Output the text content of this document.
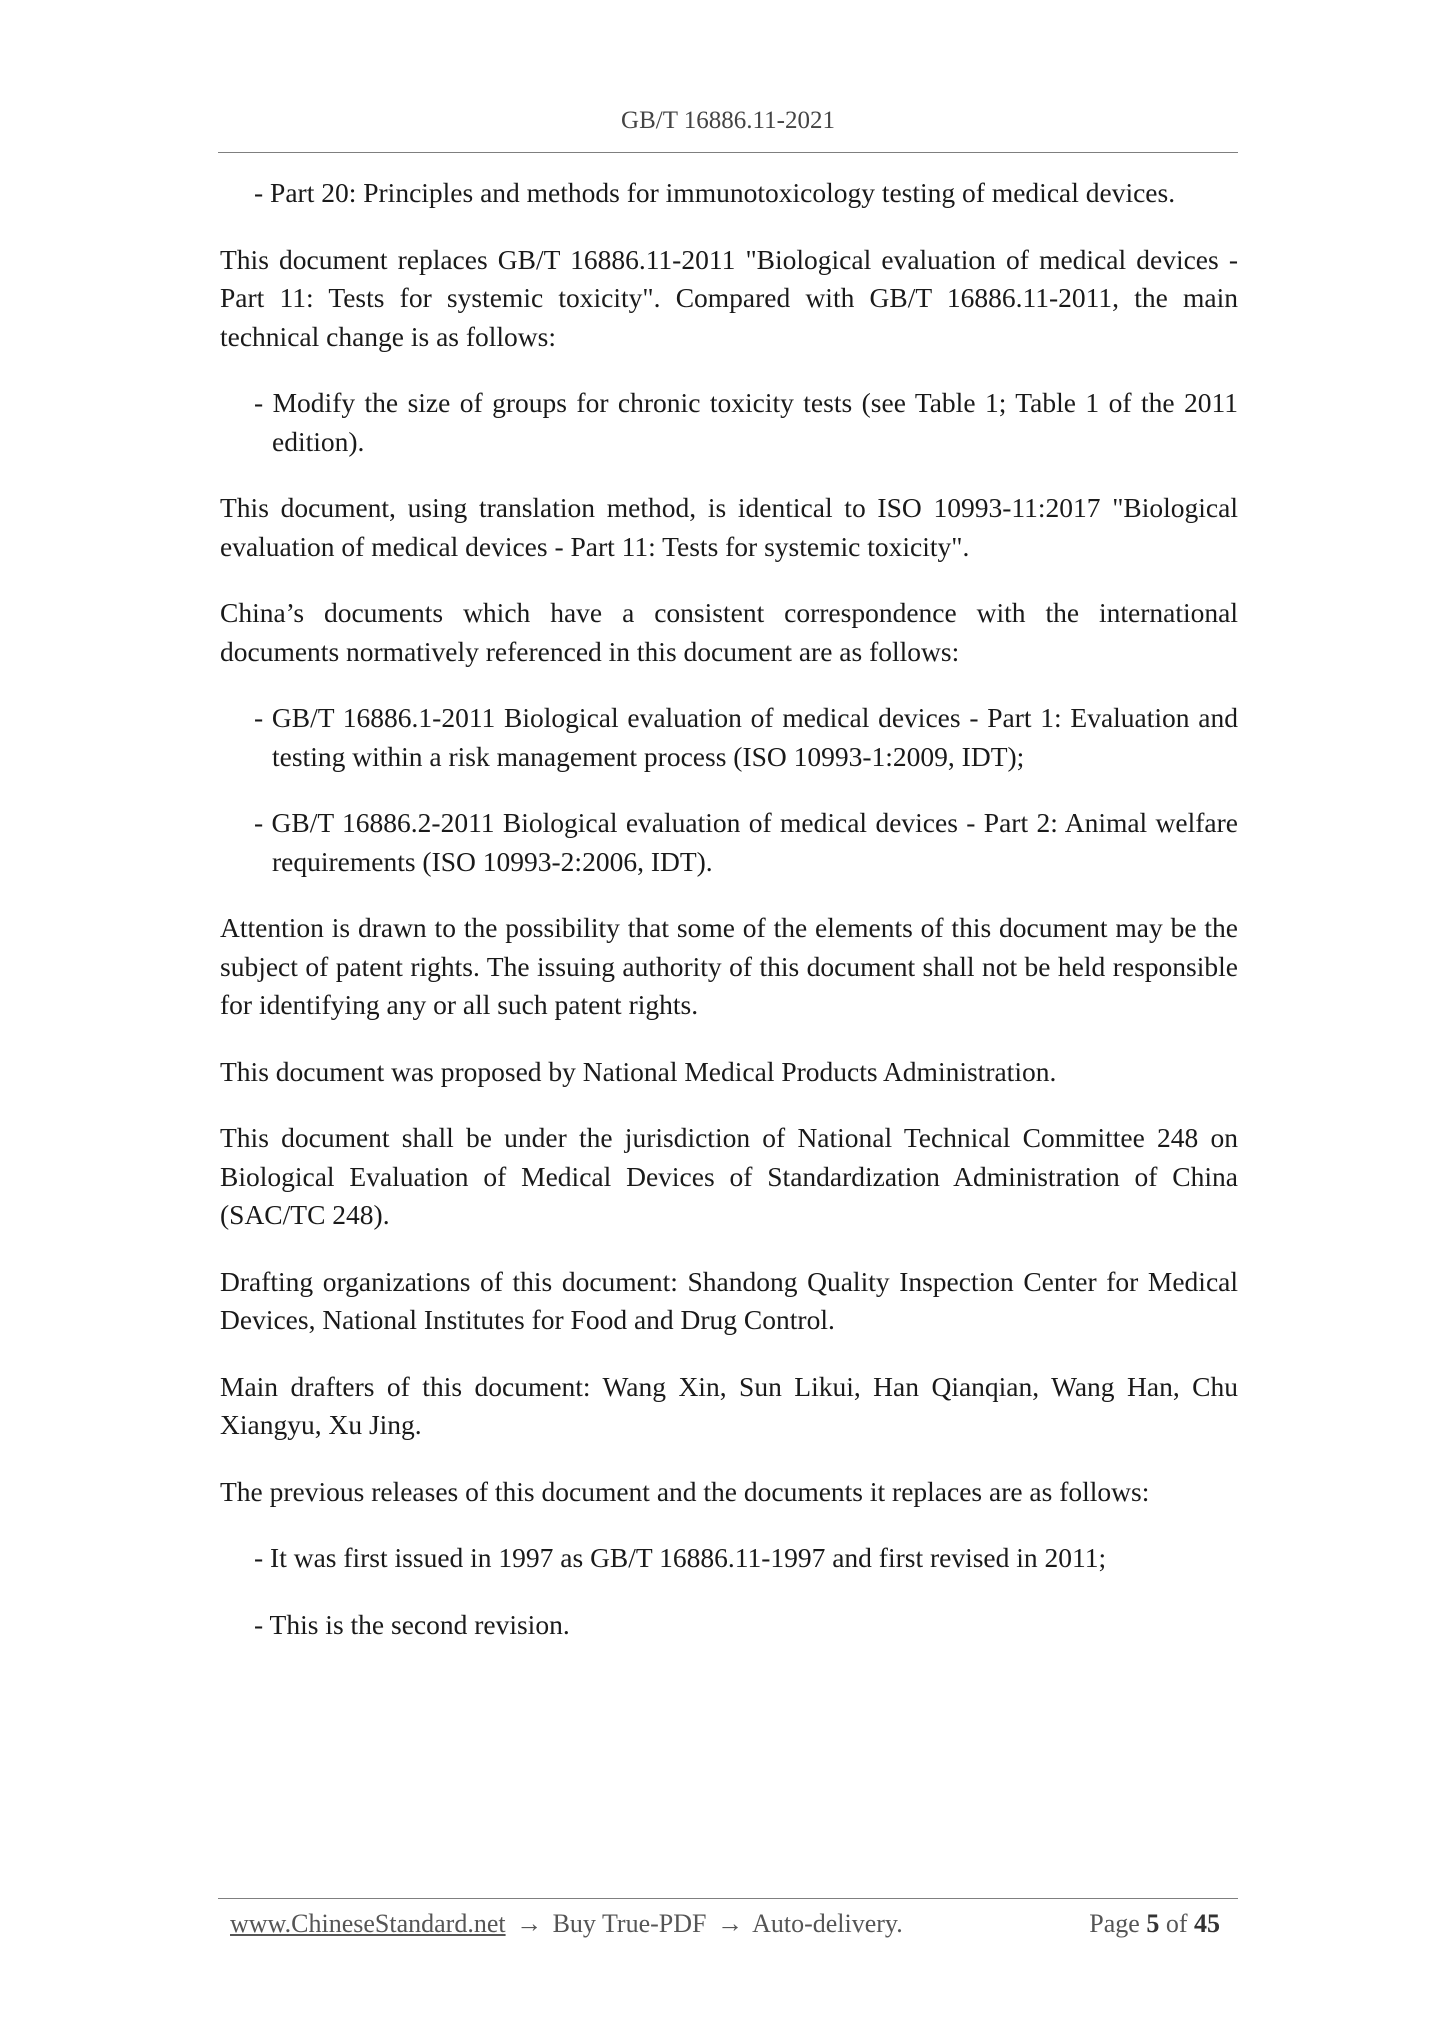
GB/T 16886.11-2021

- Part 20: Principles and methods for immunotoxicology testing of medical devices.

This document replaces GB/T 16886.11-2011 "Biological evaluation of medical devices - Part 11: Tests for systemic toxicity". Compared with GB/T 16886.11-2011, the main technical change is as follows:

- Modify the size of groups for chronic toxicity tests (see Table 1; Table 1 of the 2011 edition).

This document, using translation method, is identical to ISO 10993-11:2017 "Biological evaluation of medical devices - Part 11: Tests for systemic toxicity".

China’s documents which have a consistent correspondence with the international documents normatively referenced in this document are as follows:

- GB/T 16886.1-2011 Biological evaluation of medical devices - Part 1: Evaluation and testing within a risk management process (ISO 10993-1:2009, IDT);

- GB/T 16886.2-2011 Biological evaluation of medical devices - Part 2: Animal welfare requirements (ISO 10993-2:2006, IDT).

Attention is drawn to the possibility that some of the elements of this document may be the subject of patent rights. The issuing authority of this document shall not be held responsible for identifying any or all such patent rights.

This document was proposed by National Medical Products Administration.

This document shall be under the jurisdiction of National Technical Committee 248 on Biological Evaluation of Medical Devices of Standardization Administration of China (SAC/TC 248).

Drafting organizations of this document: Shandong Quality Inspection Center for Medical Devices, National Institutes for Food and Drug Control.

Main drafters of this document: Wang Xin, Sun Likui, Han Qianqian, Wang Han, Chu Xiangyu, Xu Jing.

The previous releases of this document and the documents it replaces are as follows:

- It was first issued in 1997 as GB/T 16886.11-1997 and first revised in 2011;

- This is the second revision.

www.ChineseStandard.net → Buy True-PDF → Auto-delivery.	Page 5 of 45
